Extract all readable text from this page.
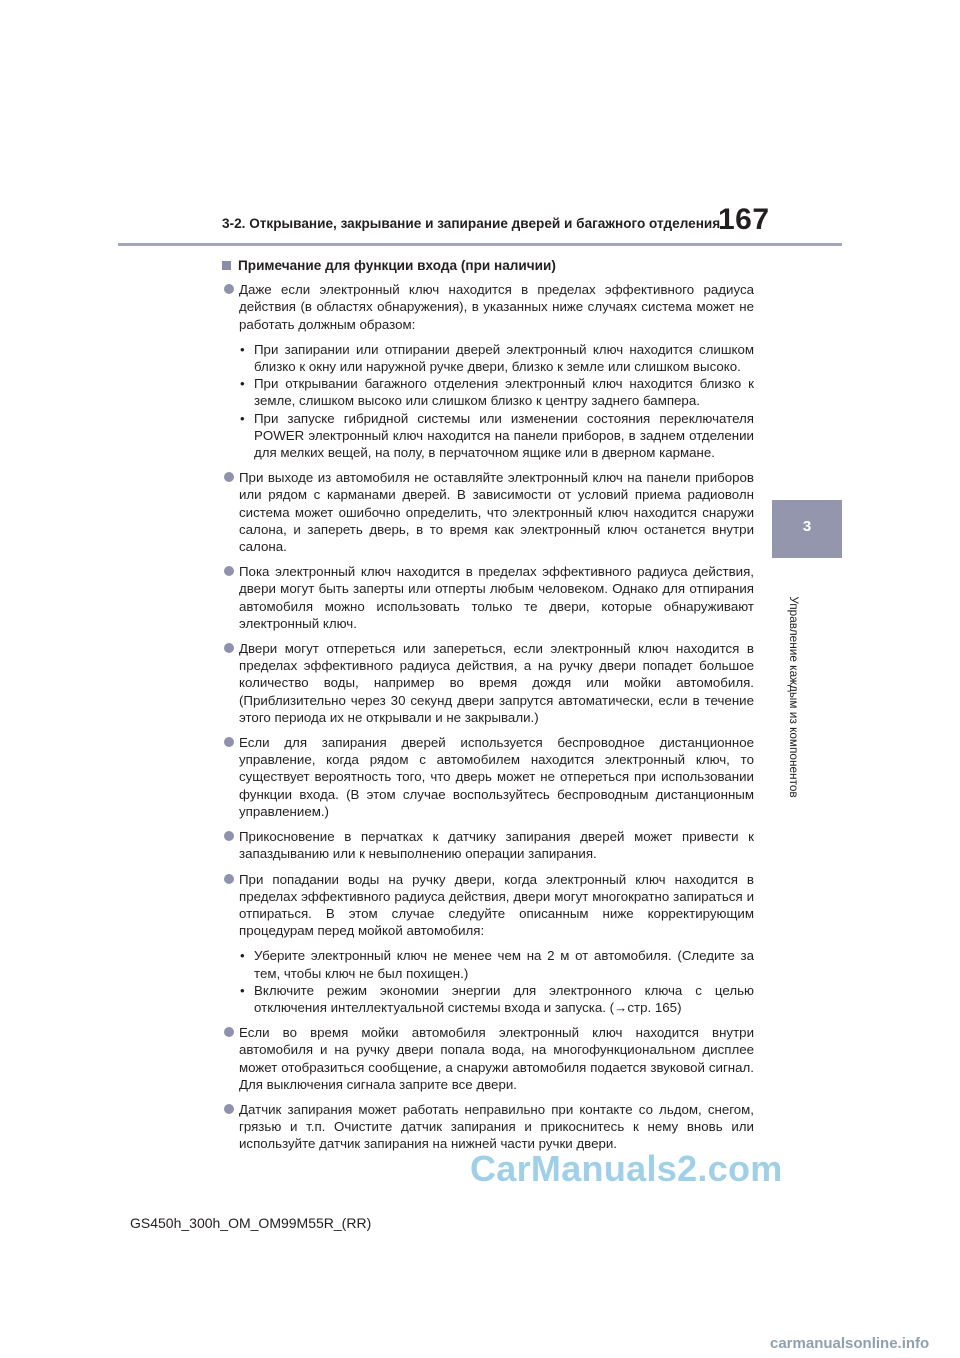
3-2. Открывание, закрывание и запирание дверей и багажного отделения
167
3
Управление каждым из компонентов
Примечание для функции входа (при наличии)
Даже если электронный ключ находится в пределах эффективного радиуса действия (в областях обнаружения), в указанных ниже случаях система может не работать должным образом:
• При запирании или отпирании дверей электронный ключ находится слишком близко к окну или наружной ручке двери, близко к земле или слишком высоко.
• При открывании багажного отделения электронный ключ находится близко к земле, слишком высоко или слишком близко к центру заднего бампера.
• При запуске гибридной системы или изменении состояния переключателя POWER электронный ключ находится на панели приборов, в заднем отделении для мелких вещей, на полу, в перчаточном ящике или в дверном кармане.
При выходе из автомобиля не оставляйте электронный ключ на панели приборов или рядом с карманами дверей. В зависимости от условий приема радиоволн система может ошибочно определить, что электронный ключ находится снаружи салона, и запереть дверь, в то время как электронный ключ останется внутри салона.
Пока электронный ключ находится в пределах эффективного радиуса действия, двери могут быть заперты или отперты любым человеком. Однако для отпирания автомобиля можно использовать только те двери, которые обнаруживают электронный ключ.
Двери могут отпереться или запереться, если электронный ключ находится в пределах эффективного радиуса действия, а на ручку двери попадет большое количество воды, например во время дождя или мойки автомобиля. (Приблизительно через 30 секунд двери запрутся автоматически, если в течение этого периода их не открывали и не закрывали.)
Если для запирания дверей используется беспроводное дистанционное управление, когда рядом с автомобилем находится электронный ключ, то существует вероятность того, что дверь может не отпереться при использовании функции входа. (В этом случае воспользуйтесь беспроводным дистанционным управлением.)
Прикосновение в перчатках к датчику запирания дверей может привести к запаздыванию или к невыполнению операции запирания.
При попадании воды на ручку двери, когда электронный ключ находится в пределах эффективного радиуса действия, двери могут многократно запираться и отпираться. В этом случае следуйте описанным ниже корректирующим процедурам перед мойкой автомобиля:
• Уберите электронный ключ не менее чем на 2 м от автомобиля. (Следите за тем, чтобы ключ не был похищен.)
• Включите режим экономии энергии для электронного ключа с целью отключения интеллектуальной системы входа и запуска. (→стр. 165)
Если во время мойки автомобиля электронный ключ находится внутри автомобиля и на ручку двери попала вода, на многофункциональном дисплее может отобразиться сообщение, а снаружи автомобиля подается звуковой сигнал. Для выключения сигнала заприте все двери.
Датчик запирания может работать неправильно при контакте со льдом, снегом, грязью и т.п. Очистите датчик запирания и прикоснитесь к нему вновь или используйте датчик запирания на нижней части ручки двери.
CarManuals2.com
GS450h_300h_OM_OM99M55R_(RR)
carmanualsonline.info
